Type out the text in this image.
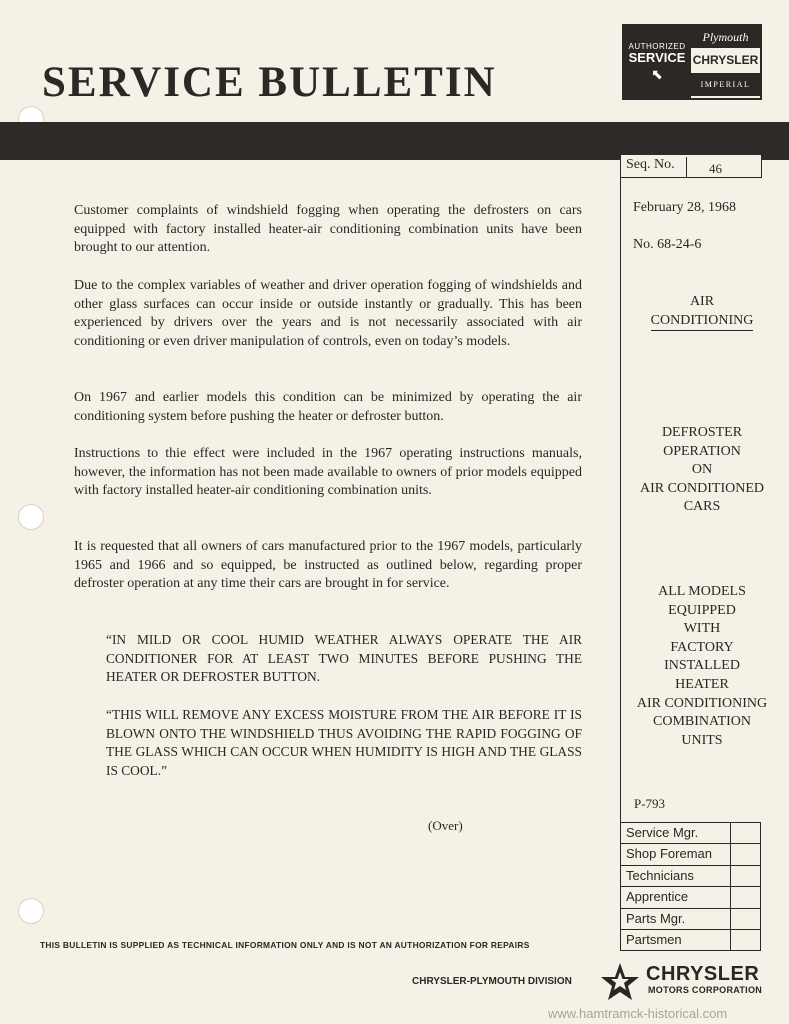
SERVICE BULLETIN
AUTHORIZED
SERVICE
⬉
Plymouth
CHRYSLER
IMPERIAL
Seq. No.	46
February 28, 1968
No. 68-24-6
AIR
CONDITIONING
DEFROSTER
OPERATION
ON
AIR CONDITIONED
CARS
ALL MODELS
EQUIPPED
WITH
FACTORY
INSTALLED
HEATER
AIR CONDITIONING
COMBINATION
UNITS
P-793
Service Mgr.
Shop Foreman
Technicians
Apprentice
Parts Mgr.
Partsmen
Customer complaints of windshield fogging when operating the defrosters on cars equipped with factory installed heater-air conditioning combination units have been brought to our attention.
Due to the complex variables of weather and driver operation fogging of windshields and other glass surfaces can occur inside or outside instantly or gradually. This has been experienced by drivers over the years and is not necessarily associated with air conditioning or even driver manipulation of controls, even on today’s models.
On 1967 and earlier models this condition can be minimized by operating the air conditioning system before pushing the heater or defroster button.
Instructions to thie effect were included in the 1967 operating instructions manuals, however, the information has not been made available to owners of prior models equipped with factory installed heater-air conditioning combination units.
It is requested that all owners of cars manufactured prior to the 1967 models, particularly 1965 and 1966 and so equipped, be instructed as outlined below, regarding proper defroster operation at any time their cars are brought in for service.
“IN MILD OR COOL HUMID WEATHER ALWAYS OPERATE THE AIR CONDITIONER FOR AT LEAST TWO MINUTES BEFORE PUSHING THE HEATER OR DEFROSTER BUTTON.
“THIS WILL REMOVE ANY EXCESS MOISTURE FROM THE AIR BEFORE IT IS BLOWN ONTO THE WINDSHIELD THUS AVOIDING THE RAPID FOGGING OF THE GLASS WHICH CAN OCCUR WHEN HUMIDITY IS HIGH AND THE GLASS IS COOL.”
(Over)
THIS BULLETIN IS SUPPLIED AS TECHNICAL INFORMATION ONLY AND IS NOT AN AUTHORIZATION FOR REPAIRS
CHRYSLER-PLYMOUTH DIVISION	CHRYSLER
MOTORS CORPORATION
www.hamtramck-historical.com
